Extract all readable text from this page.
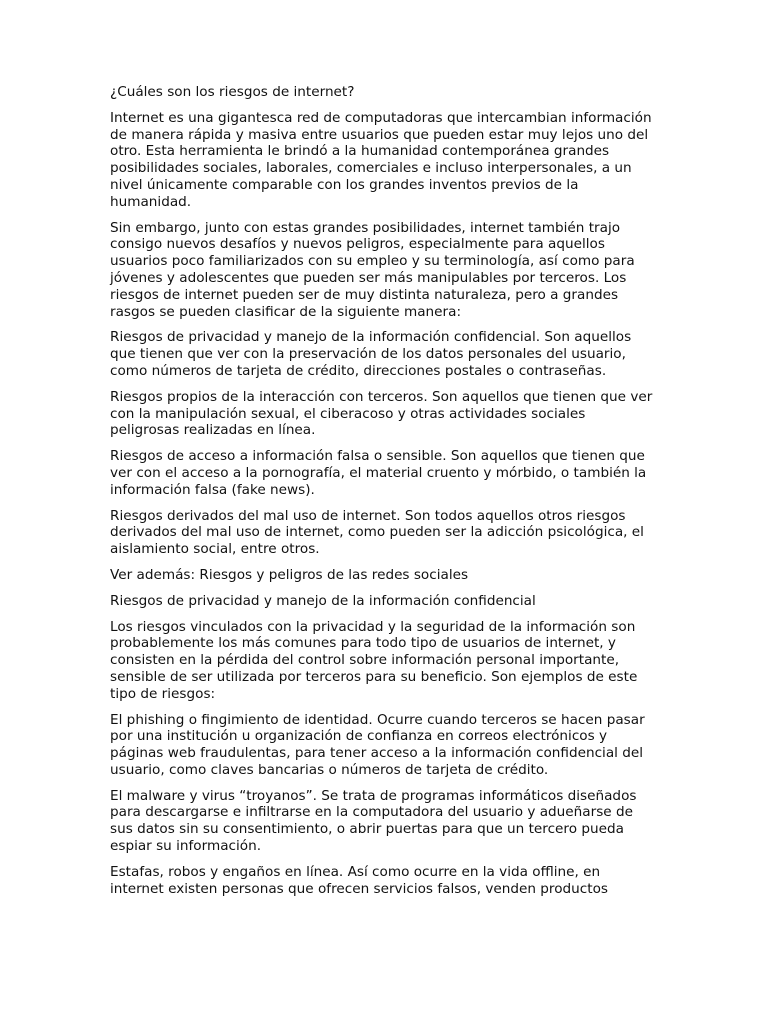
¿Cuáles son los riesgos de internet?

Internet es una gigantesca red de computadoras que intercambian información de manera rápida y masiva entre usuarios que pueden estar muy lejos uno del otro. Esta herramienta le brindó a la humanidad contemporánea grandes posibilidades sociales, laborales, comerciales e incluso interpersonales, a un nivel únicamente comparable con los grandes inventos previos de la humanidad.

Sin embargo, junto con estas grandes posibilidades, internet también trajo consigo nuevos desafíos y nuevos peligros, especialmente para aquellos usuarios poco familiarizados con su empleo y su terminología, así como para jóvenes y adolescentes que pueden ser más manipulables por terceros. Los riesgos de internet pueden ser de muy distinta naturaleza, pero a grandes rasgos se pueden clasificar de la siguiente manera:

Riesgos de privacidad y manejo de la información confidencial. Son aquellos que tienen que ver con la preservación de los datos personales del usuario, como números de tarjeta de crédito, direcciones postales o contraseñas.

Riesgos propios de la interacción con terceros. Son aquellos que tienen que ver con la manipulación sexual, el ciberacoso y otras actividades sociales peligrosas realizadas en línea.

Riesgos de acceso a información falsa o sensible. Son aquellos que tienen que ver con el acceso a la pornografía, el material cruento y mórbido, o también la información falsa (fake news).

Riesgos derivados del mal uso de internet. Son todos aquellos otros riesgos derivados del mal uso de internet, como pueden ser la adicción psicológica, el aislamiento social, entre otros.

Ver además: Riesgos y peligros de las redes sociales

Riesgos de privacidad y manejo de la información confidencial

Los riesgos vinculados con la privacidad y la seguridad de la información son probablemente los más comunes para todo tipo de usuarios de internet, y consisten en la pérdida del control sobre información personal importante, sensible de ser utilizada por terceros para su beneficio. Son ejemplos de este tipo de riesgos:

El phishing o fingimiento de identidad. Ocurre cuando terceros se hacen pasar por una institución u organización de confianza en correos electrónicos y páginas web fraudulentas, para tener acceso a la información confidencial del usuario, como claves bancarias o números de tarjeta de crédito.

El malware y virus “troyanos”. Se trata de programas informáticos diseñados para descargarse e infiltrarse en la computadora del usuario y adueñarse de sus datos sin su consentimiento, o abrir puertas para que un tercero pueda espiar su información.

Estafas, robos y engaños en línea. Así como ocurre en la vida offline, en internet existen personas que ofrecen servicios falsos, venden productos
